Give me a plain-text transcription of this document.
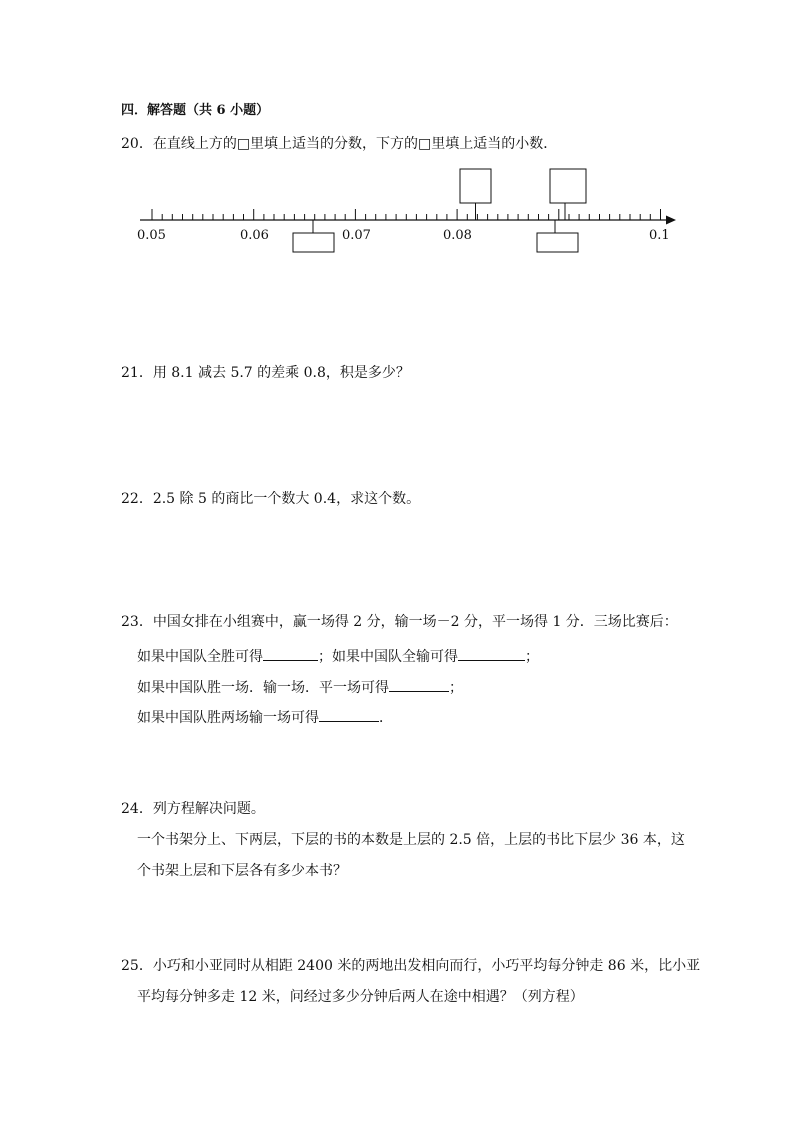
四．解答题（共 6 小题）
20．在直线上方的□里填上适当的分数，下方的□里填上适当的小数．
0.05	0.06	0.07	0.08	0.1
21．用 8.1 减去 5.7 的差乘 0.8，积是多少？
22．2.5 除 5 的商比一个数大 0.4，求这个数。
23．中国女排在小组赛中，赢一场得 2 分，输一场－2 分，平一场得 1 分．三场比赛后：
如果中国队全胜可得	；如果中国队全输可得	；
如果中国队胜一场．输一场．平一场可得	；
如果中国队胜两场输一场可得	．
24．列方程解决问题。
一个书架分上、下两层，下层的书的本数是上层的 2.5 倍，上层的书比下层少 36 本，这
个书架上层和下层各有多少本书？
25．小巧和小亚同时从相距 2400 米的两地出发相向而行，小巧平均每分钟走 86 米，比小亚
平均每分钟多走 12 米，问经过多少分钟后两人在途中相遇？（列方程）
